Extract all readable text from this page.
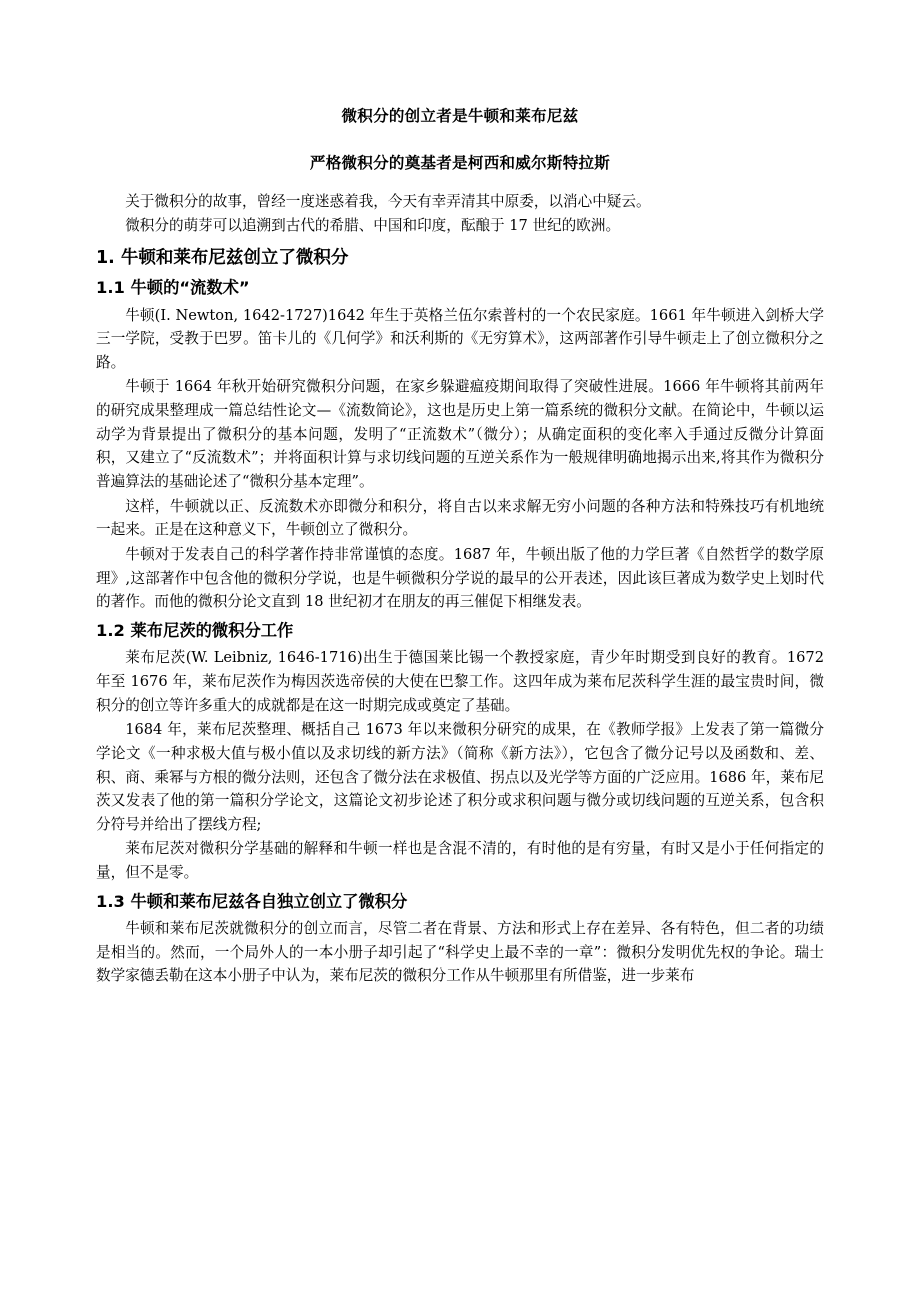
微积分的创立者是牛顿和莱布尼兹
严格微积分的奠基者是柯西和威尔斯特拉斯

关于微积分的故事，曾经一度迷惑着我，今天有幸弄清其中原委，以消心中疑云。

微积分的萌芽可以追溯到古代的希腊、中国和印度，酝酿于 17 世纪的欧洲。

1. 牛顿和莱布尼兹创立了微积分
1.1 牛顿的“流数术”

牛顿(I. Newton, 1642-1727)1642 年生于英格兰伍尔索普村的一个农民家庭。1661 年牛顿进入剑桥大学三一学院，受教于巴罗。笛卡儿的《几何学》和沃利斯的《无穷算术》，这两部著作引导牛顿走上了创立微积分之路。

牛顿于 1664 年秋开始研究微积分问题，在家乡躲避瘟疫期间取得了突破性进展。1666 年牛顿将其前两年的研究成果整理成一篇总结性论文—《流数简论》，这也是历史上第一篇系统的微积分文献。在简论中，牛顿以运动学为背景提出了微积分的基本问题，发明了“正流数术”（微分）；从确定面积的变化率入手通过反微分计算面积，又建立了“反流数术”；并将面积计算与求切线问题的互逆关系作为一般规律明确地揭示出来,将其作为微积分普遍算法的基础论述了“微积分基本定理”。

这样，牛顿就以正、反流数术亦即微分和积分，将自古以来求解无穷小问题的各种方法和特殊技巧有机地统一起来。正是在这种意义下，牛顿创立了微积分。

牛顿对于发表自己的科学著作持非常谨慎的态度。1687 年，牛顿出版了他的力学巨著《自然哲学的数学原理》,这部著作中包含他的微积分学说，也是牛顿微积分学说的最早的公开表述，因此该巨著成为数学史上划时代的著作。而他的微积分论文直到 18 世纪初才在朋友的再三催促下相继发表。

1.2 莱布尼茨的微积分工作

莱布尼茨(W. Leibniz, 1646-1716)出生于德国莱比锡一个教授家庭，青少年时期受到良好的教育。1672 年至 1676 年，莱布尼茨作为梅因茨选帝侯的大使在巴黎工作。这四年成为莱布尼茨科学生涯的最宝贵时间，微积分的创立等许多重大的成就都是在这一时期完成或奠定了基础。

1684 年，莱布尼茨整理、概括自己 1673 年以来微积分研究的成果，在《教师学报》上发表了第一篇微分学论文《一种求极大值与极小值以及求切线的新方法》（简称《新方法》），它包含了微分记号以及函数和、差、积、商、乘幂与方根的微分法则，还包含了微分法在求极值、拐点以及光学等方面的广泛应用。1686 年，莱布尼茨又发表了他的第一篇积分学论文，这篇论文初步论述了积分或求积问题与微分或切线问题的互逆关系，包含积分符号并给出了摆线方程;

莱布尼茨对微积分学基础的解释和牛顿一样也是含混不清的，有时他的是有穷量，有时又是小于任何指定的量，但不是零。

1.3 牛顿和莱布尼兹各自独立创立了微积分

牛顿和莱布尼茨就微积分的创立而言，尽管二者在背景、方法和形式上存在差异、各有特色，但二者的功绩是相当的。然而，一个局外人的一本小册子却引起了“科学史上最不幸的一章”：微积分发明优先权的争论。瑞士数学家德丢勒在这本小册子中认为，莱布尼茨的微积分工作从牛顿那里有所借鉴，进一步莱布
